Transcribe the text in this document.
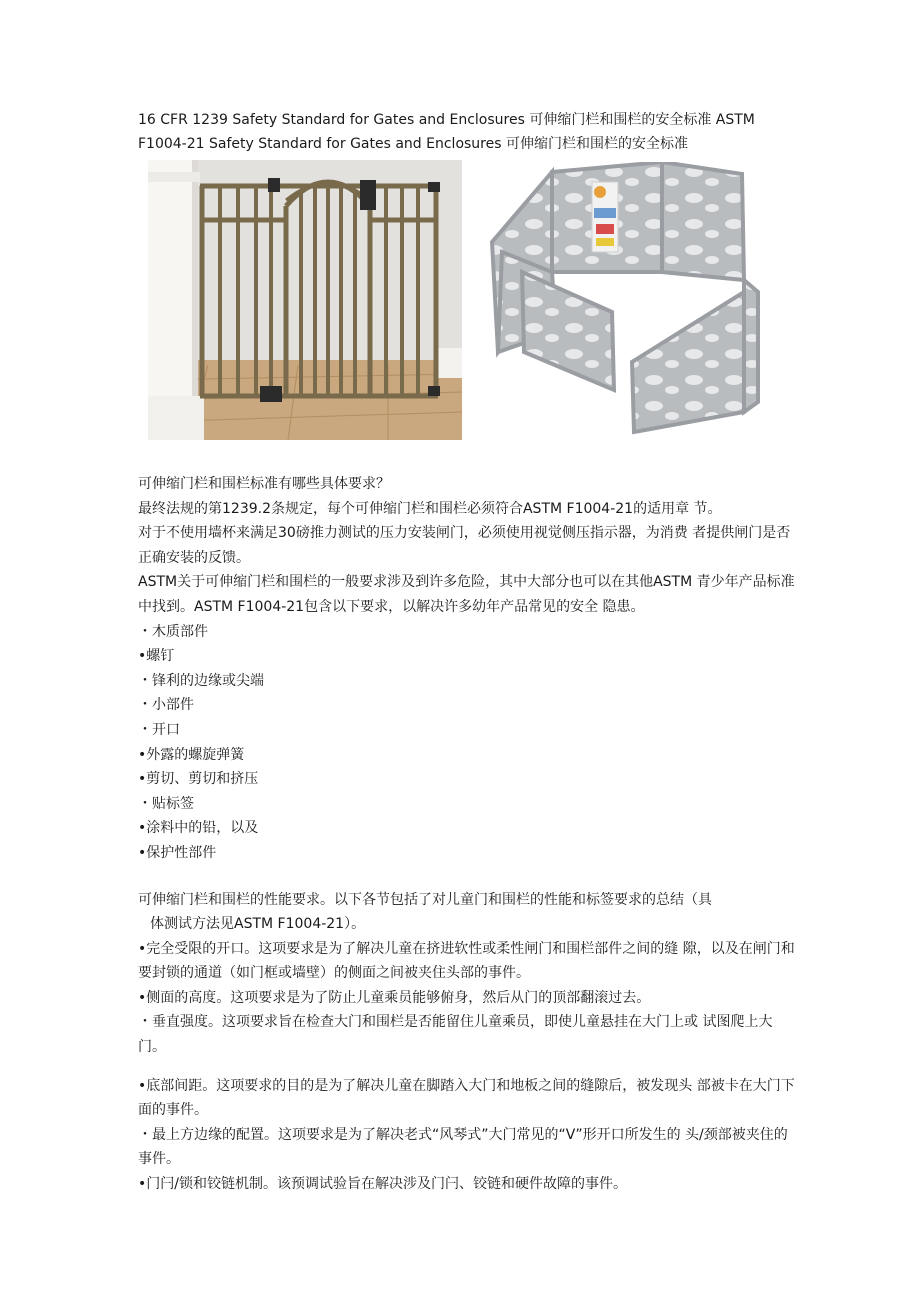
16 CFR 1239 Safety Standard for Gates and Enclosures 可伸缩门栏和围栏的安全标准 ASTM F1004-21 Safety Standard for Gates and Enclosures 可伸缩门栏和围栏的安全标准

可伸缩门栏和围栏标准有哪些具体要求？

最终法规的第1239.2条规定，每个可伸缩门栏和围栏必须符合ASTM F1004-21的适用章 节。

对于不使用墙杯来满足30磅推力测试的压力安装闸门，必须使用视觉侧压指示器，为消费 者提供闸门是否正确安装的反馈。

ASTM关于可伸缩门栏和围栏的一般要求涉及到许多危险，其中大部分也可以在其他ASTM 青少年产品标准中找到。ASTM F1004-21包含以下要求，以解决许多幼年产品常见的安全 隐患。

・木质部件

•螺钉

・锋利的边缘或尖端

・小部件

・开口

•外露的螺旋弹簧

•剪切、剪切和挤压

・贴标签

•涂料中的铅，以及

•保护性部件

可伸缩门栏和围栏的性能要求。以下各节包括了对儿童门和围栏的性能和标签要求的总结（具

体测试方法见ASTM F1004-21）。

•完全受限的开口。这项要求是为了解决儿童在挤进软性或柔性闸门和围栏部件之间的缝 隙，以及在闸门和要封锁的通道（如门框或墙壁）的侧面之间被夹住头部的事件。

•侧面的高度。这项要求是为了防止儿童乘员能够俯身，然后从门的顶部翻滚过去。

・垂直强度。这项要求旨在检查大门和围栏是否能留住儿童乘员，即使儿童悬挂在大门上或 试图爬上大门。

•底部间距。这项要求的目的是为了解决儿童在脚踏入大门和地板之间的缝隙后，被发现头 部被卡在大门下面的事件。

・最上方边缘的配置。这项要求是为了解决老式“风琴式”大门常见的“V”形开口所发生的 头/颈部被夹住的事件。

•门闩/锁和铰链机制。该预调试验旨在解决涉及门闩、铰链和硬件故障的事件。
